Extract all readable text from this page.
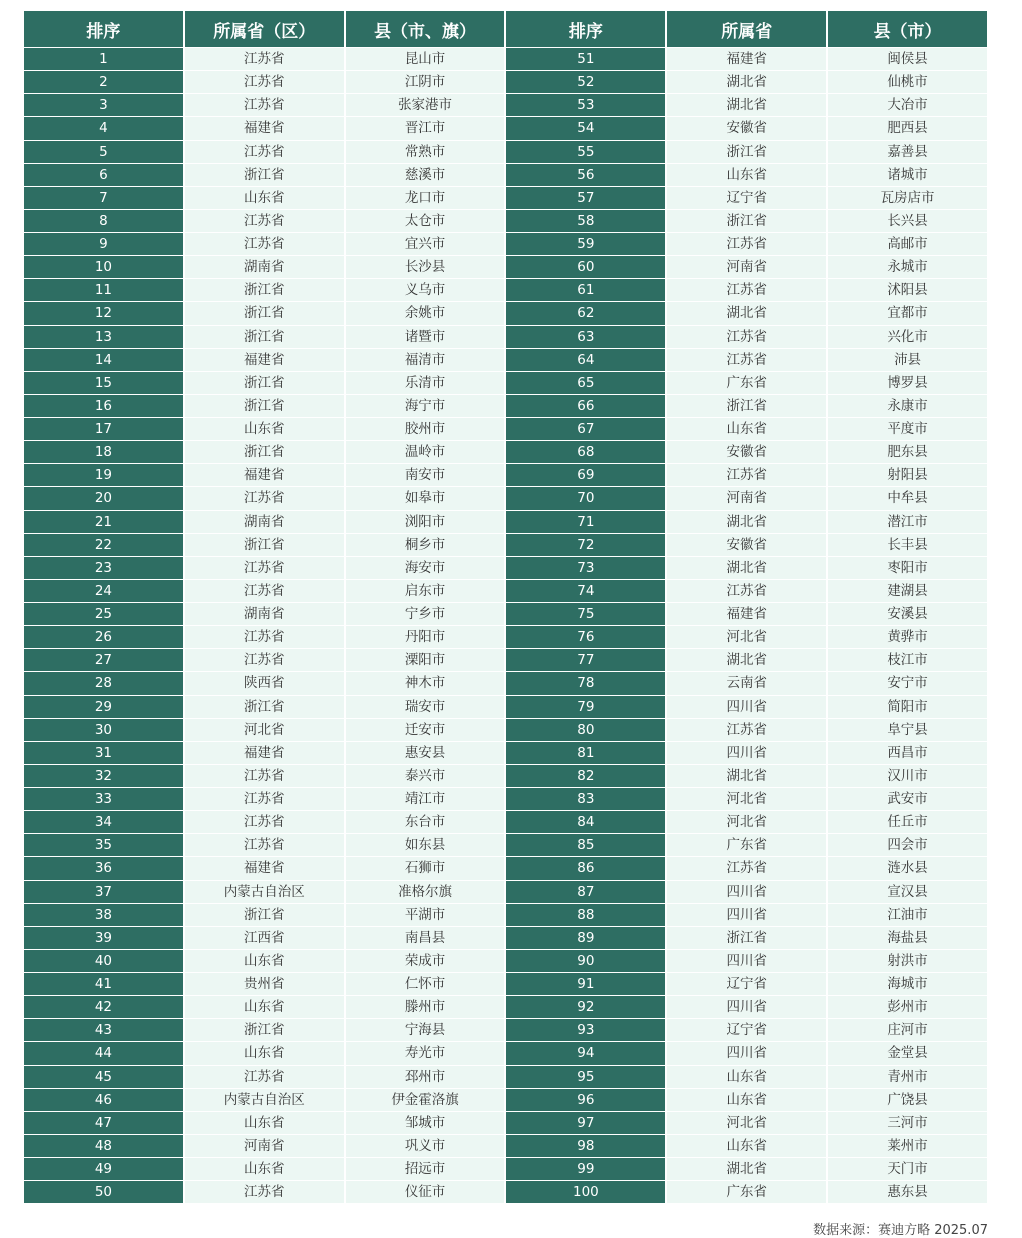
排序	所属省（区）	县（市、旗）	排序	所属省	县（市）
1	江苏省	昆山市	51	福建省	闽侯县
2	江苏省	江阴市	52	湖北省	仙桃市
3	江苏省	张家港市	53	湖北省	大冶市
4	福建省	晋江市	54	安徽省	肥西县
5	江苏省	常熟市	55	浙江省	嘉善县
6	浙江省	慈溪市	56	山东省	诸城市
7	山东省	龙口市	57	辽宁省	瓦房店市
8	江苏省	太仓市	58	浙江省	长兴县
9	江苏省	宜兴市	59	江苏省	高邮市
10	湖南省	长沙县	60	河南省	永城市
11	浙江省	义乌市	61	江苏省	沭阳县
12	浙江省	余姚市	62	湖北省	宜都市
13	浙江省	诸暨市	63	江苏省	兴化市
14	福建省	福清市	64	江苏省	沛县
15	浙江省	乐清市	65	广东省	博罗县
16	浙江省	海宁市	66	浙江省	永康市
17	山东省	胶州市	67	山东省	平度市
18	浙江省	温岭市	68	安徽省	肥东县
19	福建省	南安市	69	江苏省	射阳县
20	江苏省	如皋市	70	河南省	中牟县
21	湖南省	浏阳市	71	湖北省	潜江市
22	浙江省	桐乡市	72	安徽省	长丰县
23	江苏省	海安市	73	湖北省	枣阳市
24	江苏省	启东市	74	江苏省	建湖县
25	湖南省	宁乡市	75	福建省	安溪县
26	江苏省	丹阳市	76	河北省	黄骅市
27	江苏省	溧阳市	77	湖北省	枝江市
28	陕西省	神木市	78	云南省	安宁市
29	浙江省	瑞安市	79	四川省	简阳市
30	河北省	迁安市	80	江苏省	阜宁县
31	福建省	惠安县	81	四川省	西昌市
32	江苏省	泰兴市	82	湖北省	汉川市
33	江苏省	靖江市	83	河北省	武安市
34	江苏省	东台市	84	河北省	任丘市
35	江苏省	如东县	85	广东省	四会市
36	福建省	石狮市	86	江苏省	涟水县
37	内蒙古自治区	准格尔旗	87	四川省	宣汉县
38	浙江省	平湖市	88	四川省	江油市
39	江西省	南昌县	89	浙江省	海盐县
40	山东省	荣成市	90	四川省	射洪市
41	贵州省	仁怀市	91	辽宁省	海城市
42	山东省	滕州市	92	四川省	彭州市
43	浙江省	宁海县	93	辽宁省	庄河市
44	山东省	寿光市	94	四川省	金堂县
45	江苏省	邳州市	95	山东省	青州市
46	内蒙古自治区	伊金霍洛旗	96	山东省	广饶县
47	山东省	邹城市	97	河北省	三河市
48	河南省	巩义市	98	山东省	莱州市
49	山东省	招远市	99	湖北省	天门市
50	江苏省	仪征市	100	广东省	惠东县
数据来源：赛迪方略 2025.07
